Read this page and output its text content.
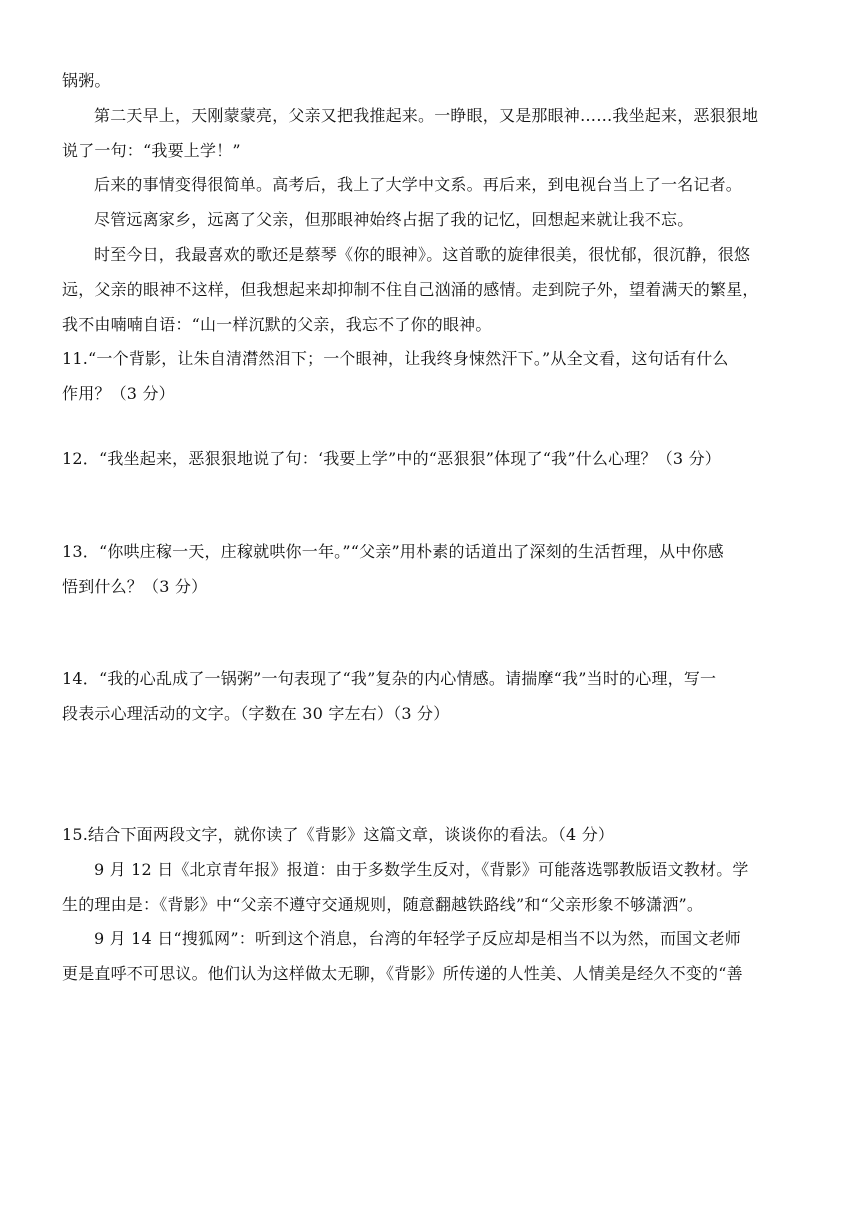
锅粥。
第二天早上，天刚蒙蒙亮，父亲又把我推起来。一睁眼，又是那眼神……我坐起来，恶狠狠地
说了一句：“我要上学！”
后来的事情变得很简单。高考后，我上了大学中文系。再后来，到电视台当上了一名记者。
尽管远离家乡，远离了父亲，但那眼神始终占据了我的记忆，回想起来就让我不忘。
时至今日，我最喜欢的歌还是蔡琴《你的眼神》。这首歌的旋律很美，很忧郁，很沉静，很悠
远，父亲的眼神不这样，但我想起来却抑制不住自己汹涌的感情。走到院子外，望着满天的繁星，
我不由喃喃自语：“山一样沉默的父亲，我忘不了你的眼神。
11.“一个背影，让朱自清潸然泪下；一个眼神，让我终身悚然汗下。”从全文看，这句话有什么
作用？（3 分）
12．“我坐起来，恶狠狠地说了句：‘我要上学”中的“恶狠狠”体现了“我”什么心理？（3 分）
13．“你哄庄稼一天，庄稼就哄你一年。”“父亲”用朴素的话道出了深刻的生活哲理，从中你感
悟到什么？（3 分）
14．“我的心乱成了一锅粥”一句表现了“我”复杂的内心情感。请揣摩“我”当时的心理，写一
段表示心理活动的文字。（字数在 30 字左右）（3 分）
15.结合下面两段文字，就你读了《背影》这篇文章，谈谈你的看法。（4 分）
9 月 12 日《北京青年报》报道：由于多数学生反对，《背影》可能落选鄂教版语文教材。学
生的理由是：《背影》中“父亲不遵守交通规则，随意翻越铁路线”和“父亲形象不够潇洒”。
9 月 14 日“搜狐网”：听到这个消息，台湾的年轻学子反应却是相当不以为然，而国文老师
更是直呼不可思议。他们认为这样做太无聊，《背影》所传递的人性美、人情美是经久不变的“善
